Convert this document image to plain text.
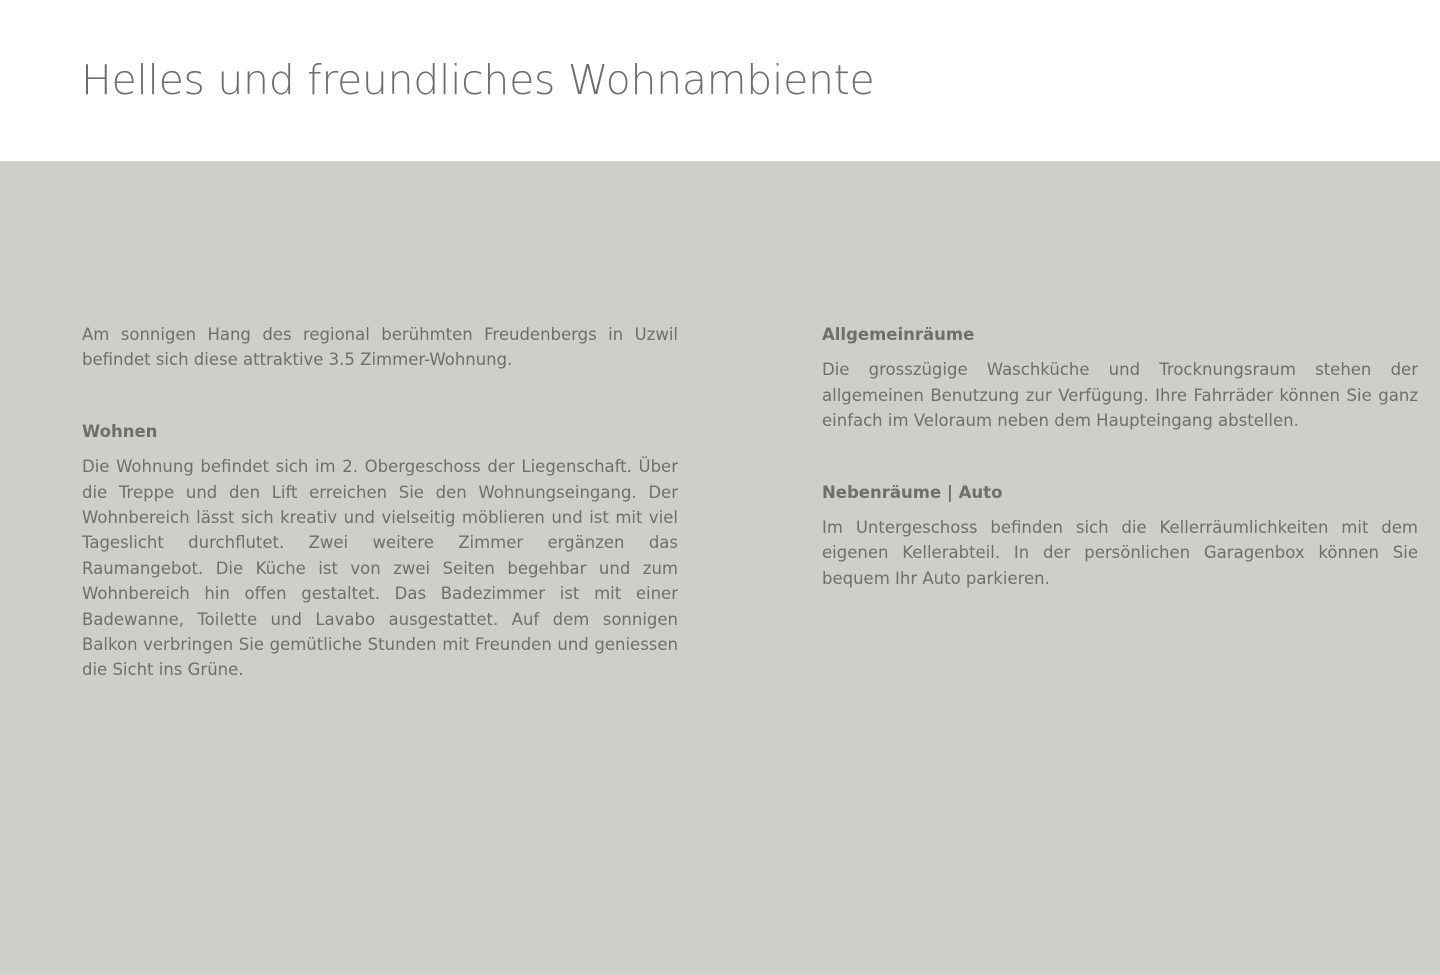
Helles und freundliches Wohnambiente

Am sonnigen Hang des regional berühmten Freudenbergs in Uzwil befindet sich diese attraktive 3.5 Zimmer-Wohnung.

Wohnen

Die Wohnung befindet sich im 2. Obergeschoss der Liegenschaft. Über die Treppe und den Lift erreichen Sie den Wohnungseingang. Der Wohnbereich lässt sich kreativ und vielseitig möblieren und ist mit viel Tageslicht durchflutet. Zwei weitere Zimmer ergänzen das Raumangebot. Die Küche ist von zwei Seiten begehbar und zum Wohnbereich hin offen gestaltet. Das Badezimmer ist mit einer Badewanne, Toilette und Lavabo ausgestattet. Auf dem sonnigen Balkon verbringen Sie gemütliche Stunden mit Freunden und geniessen die Sicht ins Grüne.

Allgemeinräume

Die grosszügige Waschküche und Trocknungsraum stehen der allgemeinen Benutzung zur Verfügung. Ihre Fahrräder können Sie ganz einfach im Veloraum neben dem Haupteingang abstellen.

Nebenräume | Auto

Im Untergeschoss befinden sich die Kellerräumlichkeiten mit dem eigenen Kellerabteil. In der persönlichen Garagenbox können Sie bequem Ihr Auto parkieren.
